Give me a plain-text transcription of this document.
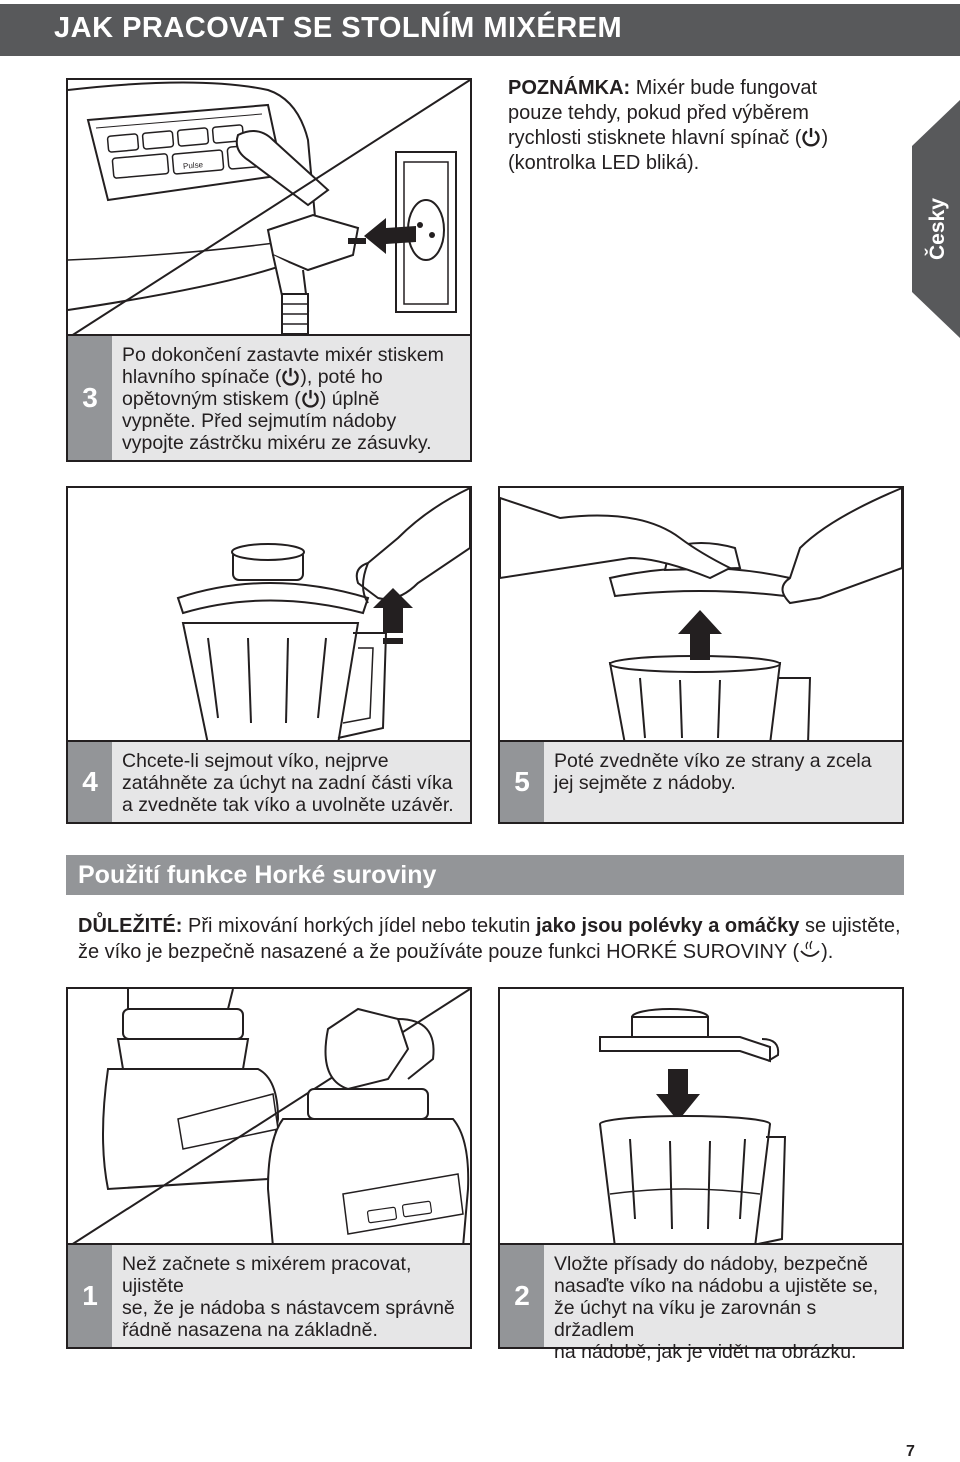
JAK PRACOVAT SE STOLNÍM MIXÉREM
Česky
POZNÁMKA: Mixér bude fungovat pouze tehdy, pokud před výběrem rychlosti stisknete hlavní spínač ( ) (kontrolka LED bliká).
Pulse
3

Po dokončení zastavte mixér stiskem

hlavního spínače ( ), poté ho

opětovným stiskem ( ) úplně

vypněte. Před sejmutím nádoby

vypojte zástrčku mixéru ze zásuvky.

4

Chcete-li sejmout víko, nejprve

zatáhněte za úchyt na zadní části víka

a zvedněte tak víko a uvolněte uzávěr.

5

Poté zvedněte víko ze strany a zcela

jej sejměte z nádoby.

Použití funkce Horké suroviny
DŮLEŽITÉ: Při mixování horkých jídel nebo tekutin jako jsou polévky a omáčky se ujistěte, že víko je bezpečně nasazené a že používáte pouze funkci HORKÉ SUROVINY ( ).
1

Než začnete s mixérem pracovat, ujistěte

se, že je nádoba s nástavcem správně

řádně nasazena na základně.

2

Vložte přísady do nádoby, bezpečně

nasaďte víko na nádobu a ujistěte se,

že úchyt na víku je zarovnán s držadlem

na nádobě, jak je vidět na obrázku.

7
